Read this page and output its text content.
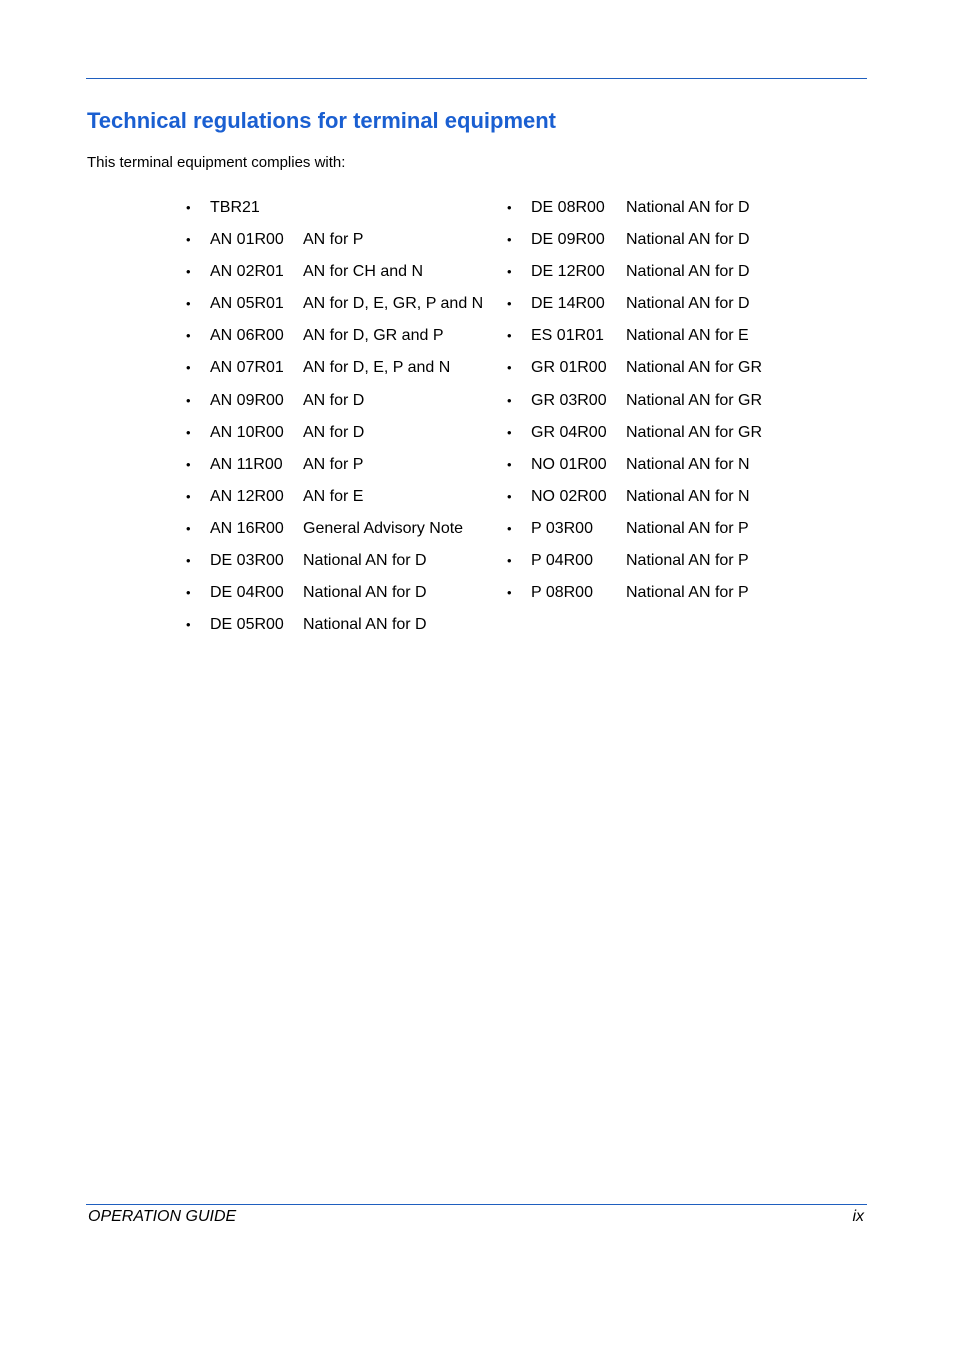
Technical regulations for terminal equipment

This terminal equipment complies with:

• TBR21
• AN 01R00 AN for P
• AN 02R01 AN for CH and N
• AN 05R01 AN for D, E, GR, P and N
• AN 06R00 AN for D, GR and P
• AN 07R01 AN for D, E, P and N
• AN 09R00 AN for D
• AN 10R00 AN for D
• AN 11R00 AN for P
• AN 12R00 AN for E
• AN 16R00 General Advisory Note
• DE 03R00 National AN for D
• DE 04R00 National AN for D
• DE 05R00 National AN for D
• DE 08R00 National AN for D
• DE 09R00 National AN for D
• DE 12R00 National AN for D
• DE 14R00 National AN for D
• ES 01R01 National AN for E
• GR 01R00 National AN for GR
• GR 03R00 National AN for GR
• GR 04R00 National AN for GR
• NO 01R00 National AN for N
• NO 02R00 National AN for N
• P 03R00 National AN for P
• P 04R00 National AN for P
• P 08R00 National AN for P
OPERATION GUIDE	ix
